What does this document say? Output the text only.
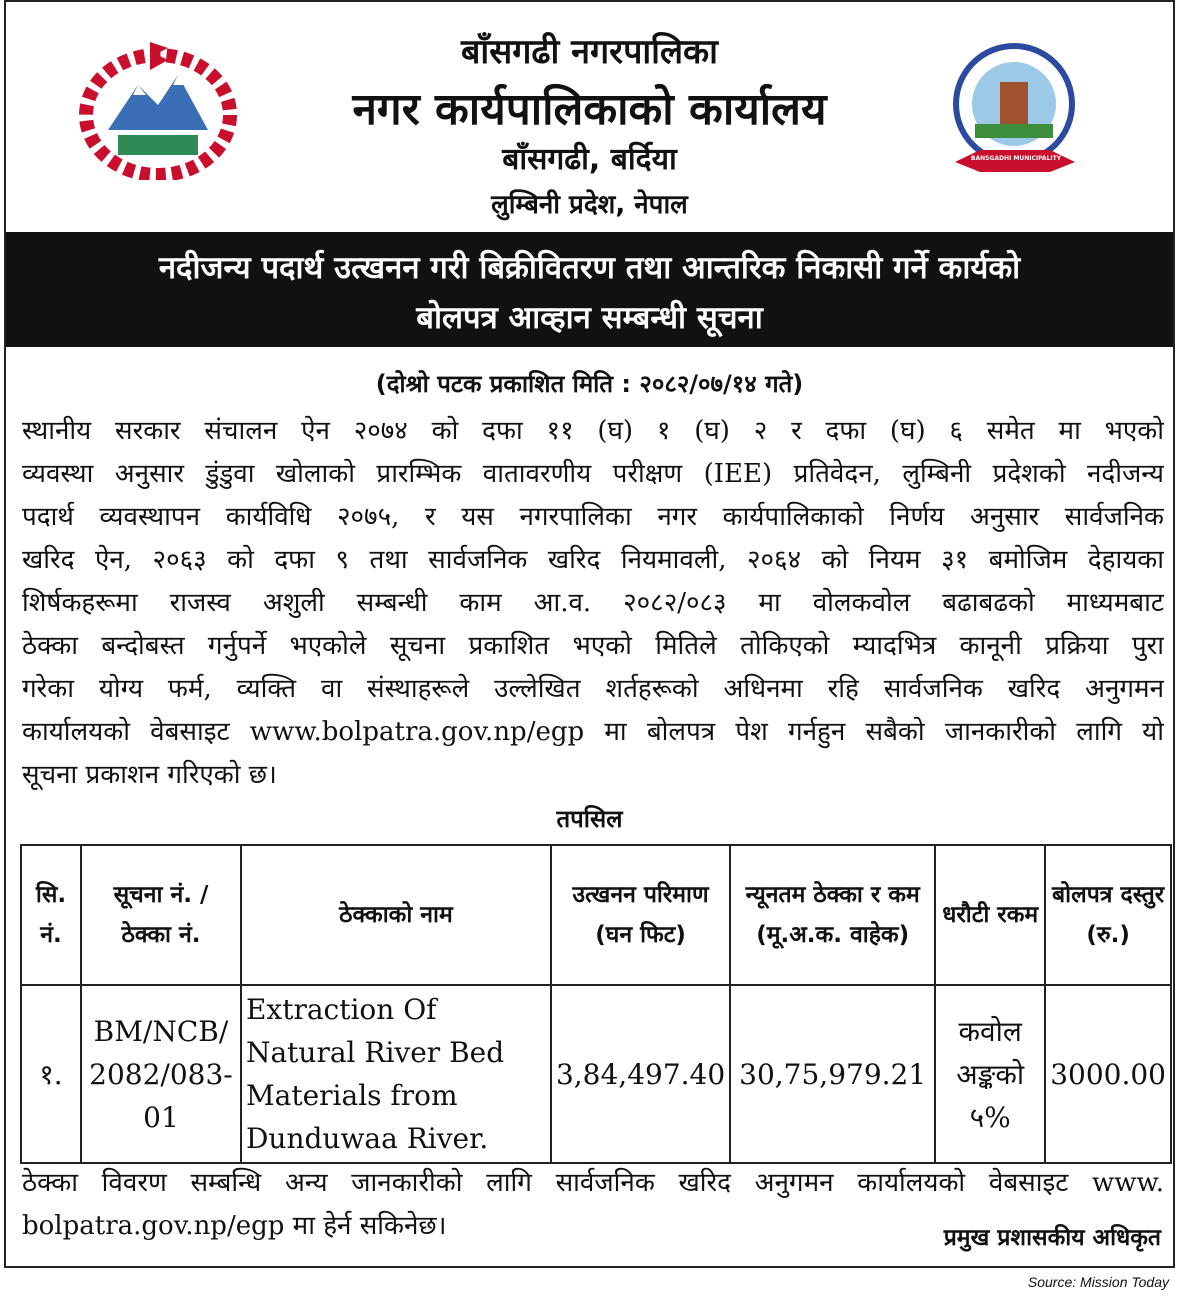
बाँसगढी नगरपालिका
नगर कार्यपालिकाको कार्यालय
बाँसगढी, बर्दिया
लुम्बिनी प्रदेश, नेपाल
BANSGADHI MUNICIPALITY
नदीजन्य पदार्थ उत्खनन गरी बिक्रीवितरण तथा आन्तरिक निकासी गर्ने कार्यको
बोलपत्र आव्हान सम्बन्धी सूचना
(दोश्रो पटक प्रकाशित मिति : २०८२/०७/१४ गते)
स्थानीय सरकार संचालन ऐन २०७४ को दफा ११ (घ) १ (घ) २ र दफा (घ) ६ समेत मा भएको
व्यवस्था अनुसार डुंडुवा खोलाको प्रारम्भिक वातावरणीय परीक्षण (IEE) प्रतिवेदन, लुम्बिनी प्रदेशको नदीजन्य
पदार्थ व्यवस्थापन कार्यविधि २०७५, र यस नगरपालिका नगर कार्यपालिकाको निर्णय अनुसार सार्वजनिक
खरिद ऐन, २०६३ को दफा ९ तथा सार्वजनिक खरिद नियमावली, २०६४ को नियम ३१ बमोजिम देहायका
शिर्षकहरूमा राजस्व अशुली सम्बन्धी काम आ.व. २०८२/०८३ मा वोलकवोल बढाबढको माध्यमबाट
ठेक्का बन्दोबस्त गर्नुपर्ने भएकोले सूचना प्रकाशित भएको मितिले तोकिएको म्यादभित्र कानूनी प्रक्रिया पुरा
गरेका योग्य फर्म, व्यक्ति वा संस्थाहरूले उल्लेखित शर्तहरूको अधिनमा रहि सार्वजनिक खरिद अनुगमन
कार्यालयको वेबसाइट www.bolpatra.gov.np/egp मा बोलपत्र पेश गर्नहुन सबैको जानकारीको लागि यो
सूचना प्रकाशन गरिएको छ।
तपसिल
सि. नं.	सूचना नं. / ठेक्का नं.	ठेक्काको नाम	उत्खनन परिमाण (घन फिट)	न्यूनतम ठेक्का र कम (मू.अ.क. वाहेक)	धरौटी रकम	बोलपत्र दस्तुर (रु.)
१.	BM/NCB/ 2082/083- 01	Extraction Of Natural River Bed Materials from Dunduwaa River.	3,84,497.40	30,75,979.21	कवोल अङ्कको ५%	3000.00
ठेक्का विवरण सम्बन्धि अन्य जानकारीको लागि सार्वजनिक खरिद अनुगमन कार्यालयको वेबसाइट www.
bolpatra.gov.np/egp मा हेर्न सकिनेछ।	प्रमुख प्रशासकीय अधिकृत
Source: Mission Today
